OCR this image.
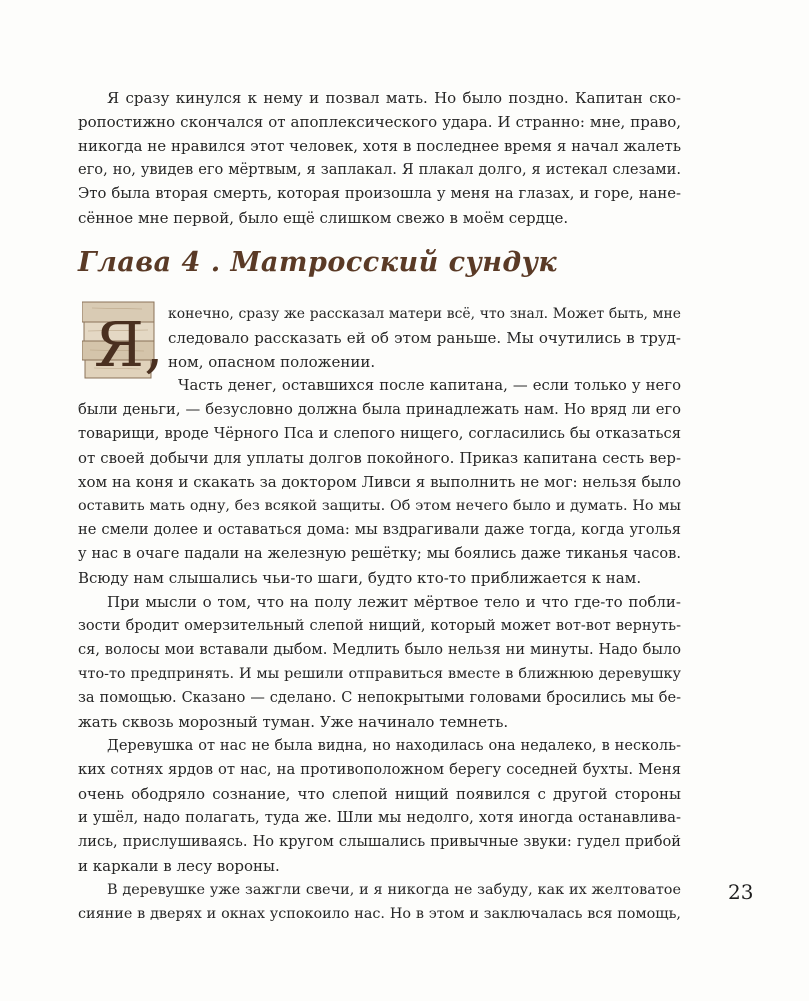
Я сразу кинулся к нему и позвал мать. Но было поздно. Капитан ско-
ропостижно скончался от апоплексического удара. И странно: мне, право,
никогда не нравился этот человек, хотя в последнее время я начал жалеть
его, но, увидев его мёртвым, я заплакал. Я плакал долго, я истекал слезами.
Это была вторая смерть, которая произошла у меня на глазах, и горе, нане-
сённое мне первой, было ещё слишком свежо в моём сердце.
Глава 4 . Матросский сундук
Я, конечно, сразу же рассказал матери всё, что знал. Может быть, мне
следовало рассказать ей об этом раньше. Мы очутились в труд-
ном, опасном положении.
Часть денег, оставшихся после капитана, — если только у него
были деньги, — безусловно должна была принадлежать нам. Но вряд ли его
товарищи, вроде Чёрного Пса и слепого нищего, согласились бы отказаться
от своей добычи для уплаты долгов покойного. Приказ капитана сесть вер-
хом на коня и скакать за доктором Ливси я выполнить не мог: нельзя было
оставить мать одну, без всякой защиты. Об этом нечего было и думать. Но мы
не смели долее и оставаться дома: мы вздрагивали даже тогда, когда уголья
у нас в очаге падали на железную решётку; мы боялись даже тиканья часов.
Всюду нам слышались чьи-то шаги, будто кто-то приближается к нам.
При мысли о том, что на полу лежит мёртвое тело и что где-то побли-
зости бродит омерзительный слепой нищий, который может вот-вот вернуть-
ся, волосы мои вставали дыбом. Медлить было нельзя ни минуты. Надо было
что-то предпринять. И мы решили отправиться вместе в ближнюю деревушку
за помощью. Сказано — сделано. С непокрытыми головами бросились мы бе-
жать сквозь морозный туман. Уже начинало темнеть.
Деревушка от нас не была видна, но находилась она недалеко, в несколь-
ких сотнях ярдов от нас, на противоположном берегу соседней бухты. Меня
очень ободряло сознание, что слепой нищий появился с другой стороны
и ушёл, надо полагать, туда же. Шли мы недолго, хотя иногда останавлива-
лись, прислушиваясь. Но кругом слышались привычные звуки: гудел прибой
и каркали в лесу вороны.
В деревушке уже зажгли свечи, и я никогда не забуду, как их желтоватое
сияние в дверях и окнах успокоило нас. Но в этом и заключалась вся помощь,
23
